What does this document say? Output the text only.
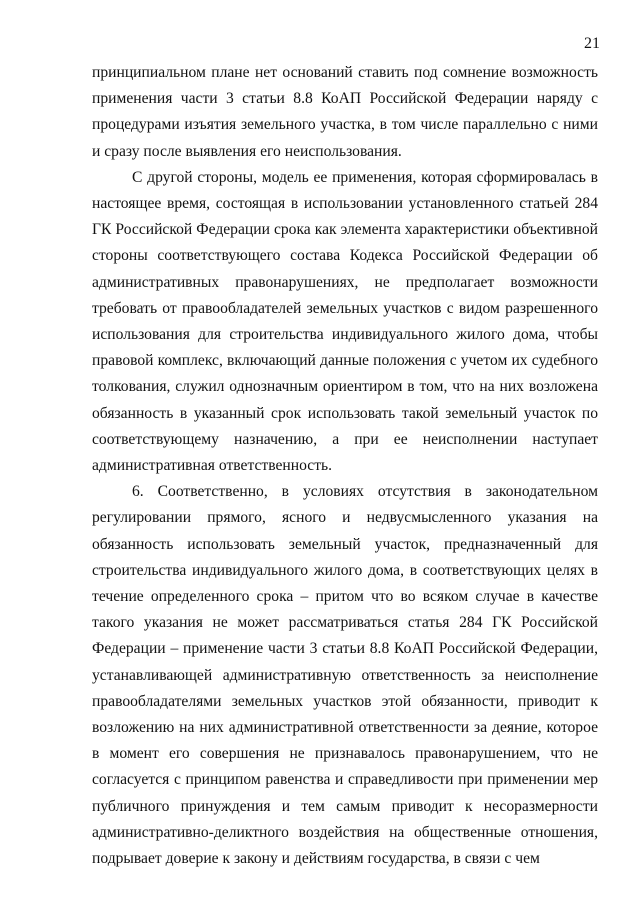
21

принципиальном плане нет оснований ставить под сомнение возможность применения части 3 статьи 8.8 КоАП Российской Федерации наряду с процедурами изъятия земельного участка, в том числе параллельно с ними и сразу после выявления его неиспользования.

С другой стороны, модель ее применения, которая сформировалась в настоящее время, состоящая в использовании установленного статьей 284 ГК Российской Федерации срока как элемента характеристики объективной стороны соответствующего состава Кодекса Российской Федерации об административных правонарушениях, не предполагает возможности требовать от правообладателей земельных участков с видом разрешенного использования для строительства индивидуального жилого дома, чтобы правовой комплекс, включающий данные положения с учетом их судебного толкования, служил однозначным ориентиром в том, что на них возложена обязанность в указанный срок использовать такой земельный участок по соответствующему назначению, а при ее неисполнении наступает административная ответственность.

6. Соответственно, в условиях отсутствия в законодательном регулировании прямого, ясного и недвусмысленного указания на обязанность использовать земельный участок, предназначенный для строительства индивидуального жилого дома, в соответствующих целях в течение определенного срока – притом что во всяком случае в качестве такого указания не может рассматриваться статья 284 ГК Российской Федерации – применение части 3 статьи 8.8 КоАП Российской Федерации, устанавливающей административную ответственность за неисполнение правообладателями земельных участков этой обязанности, приводит к возложению на них административной ответственности за деяние, которое в момент его совершения не признавалось правонарушением, что не согласуется с принципом равенства и справедливости при применении мер публичного принуждения и тем самым приводит к несоразмерности административно-деликтного воздействия на общественные отношения, подрывает доверие к закону и действиям государства, в связи с чем
